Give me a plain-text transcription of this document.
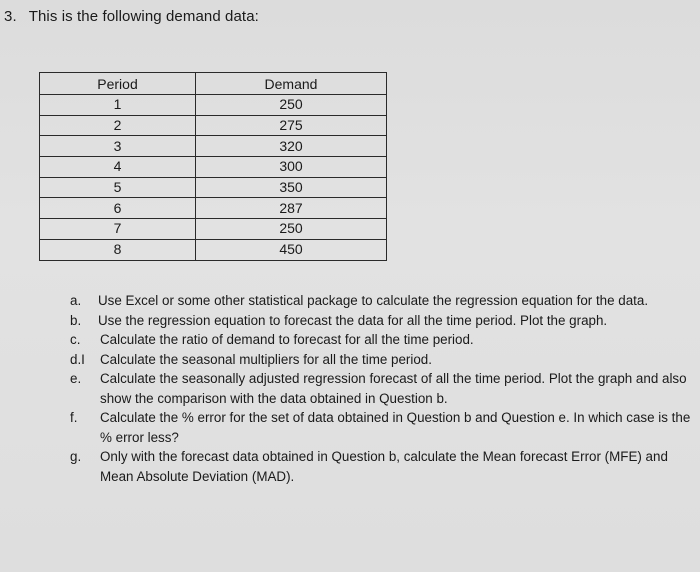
3. This is the following demand data:
Period	Demand
1	250
2	275
3	320
4	300
5	350
6	287
7	250
8	450
a.	Use Excel or some other statistical package to calculate the regression equation for the data.
b.	Use the regression equation to forecast the data for all the time period. Plot the graph.
c.	Calculate the ratio of demand to forecast for all the time period.
d.I	Calculate the seasonal multipliers for all the time period.
e.	Calculate the seasonally adjusted regression forecast of all the time period. Plot the graph and also show the comparison with the data obtained in Question b.
f.	Calculate the % error for the set of data obtained in Question b and Question e. In which case is the % error less?
g.	Only with the forecast data obtained in Question b, calculate the Mean forecast Error (MFE) and Mean Absolute Deviation (MAD).
